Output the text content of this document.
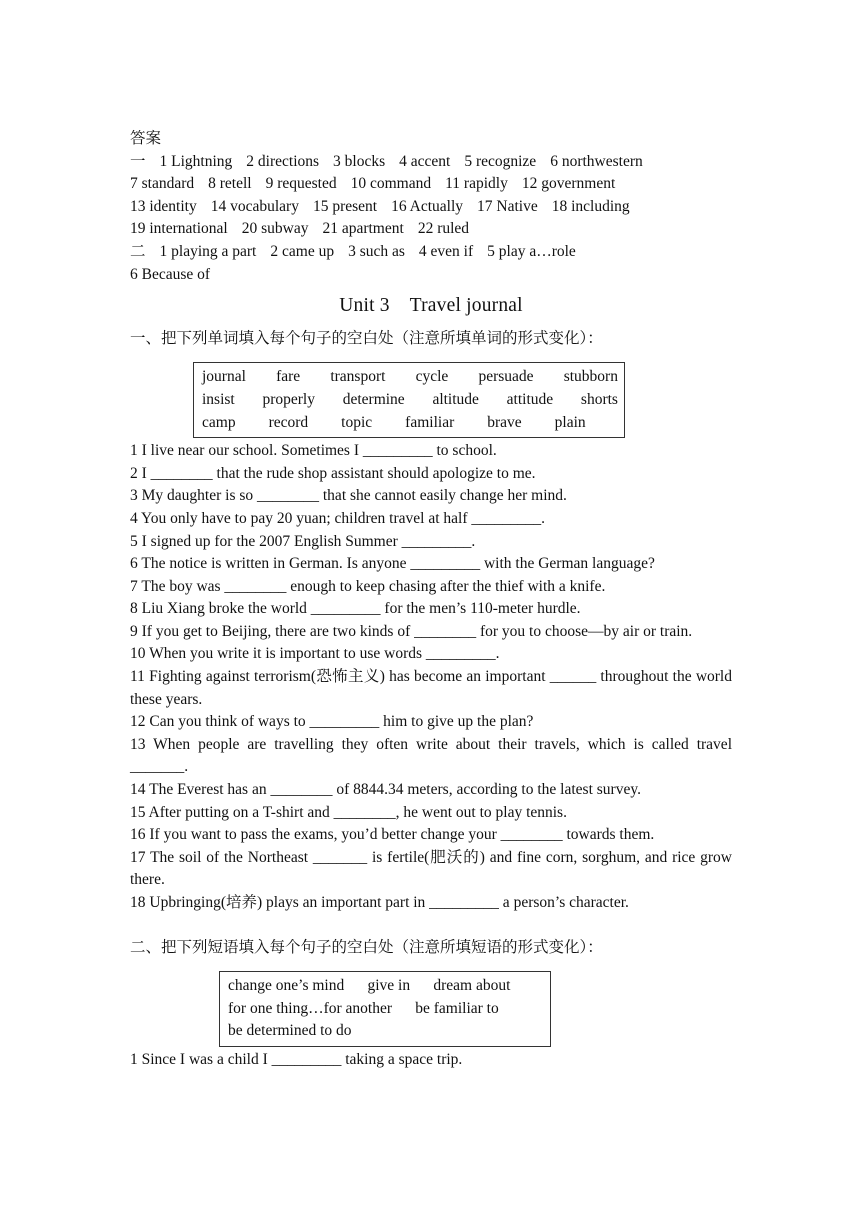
答案
一 1 Lightning 2 directions 3 blocks 4 accent 5 recognize 6 northwestern
7 standard 8 retell 9 requested 10 command 11 rapidly 12 government
13 identity 14 vocabulary 15 present 16 Actually 17 Native 18 including
19 international 20 subway 21 apartment 22 ruled
二 1 playing a part 2 came up 3 such as 4 even if 5 play a…role
6 Because of
Unit 3    Travel journal
一、把下列单词填入每个句子的空白处（注意所填单词的形式变化）：
journal fare transport cycle persuade stubborn
insist properly determine altitude attitude shorts
camp record topic familiar brave plain
1 I live near our school. Sometimes I _________ to school.
2 I ________ that the rude shop assistant should apologize to me.
3 My daughter is so ________ that she cannot easily change her mind.
4 You only have to pay 20 yuan; children travel at half _________.
5 I signed up for the 2007 English Summer _________.
6 The notice is written in German. Is anyone _________ with the German language?
7 The boy was ________ enough to keep chasing after the thief with a knife.
8 Liu Xiang broke the world _________ for the men’s 110-meter hurdle.
9 If you get to Beijing, there are two kinds of ________ for you to choose—by air or train.
10 When you write it is important to use words _________.
11 Fighting against terrorism(恐怖主义) has become an important ______ throughout the world these years.
12 Can you think of ways to _________ him to give up the plan?
13 When people are travelling they often write about their travels, which is called travel _______.
14 The Everest has an ________ of 8844.34 meters, according to the latest survey.
15 After putting on a T-shirt and ________, he went out to play tennis.
16 If you want to pass the exams, you’d better change your ________ towards them.
17 The soil of the Northeast _______ is fertile(肥沃的) and fine corn, sorghum, and rice grow there.
18 Upbringing(培养) plays an important part in _________ a person’s character.
二、把下列短语填入每个句子的空白处（注意所填短语的形式变化）：
change one’s mind      give in      dream about
for one thing…for another      be familiar to
be determined to do
1 Since I was a child I _________ taking a space trip.
